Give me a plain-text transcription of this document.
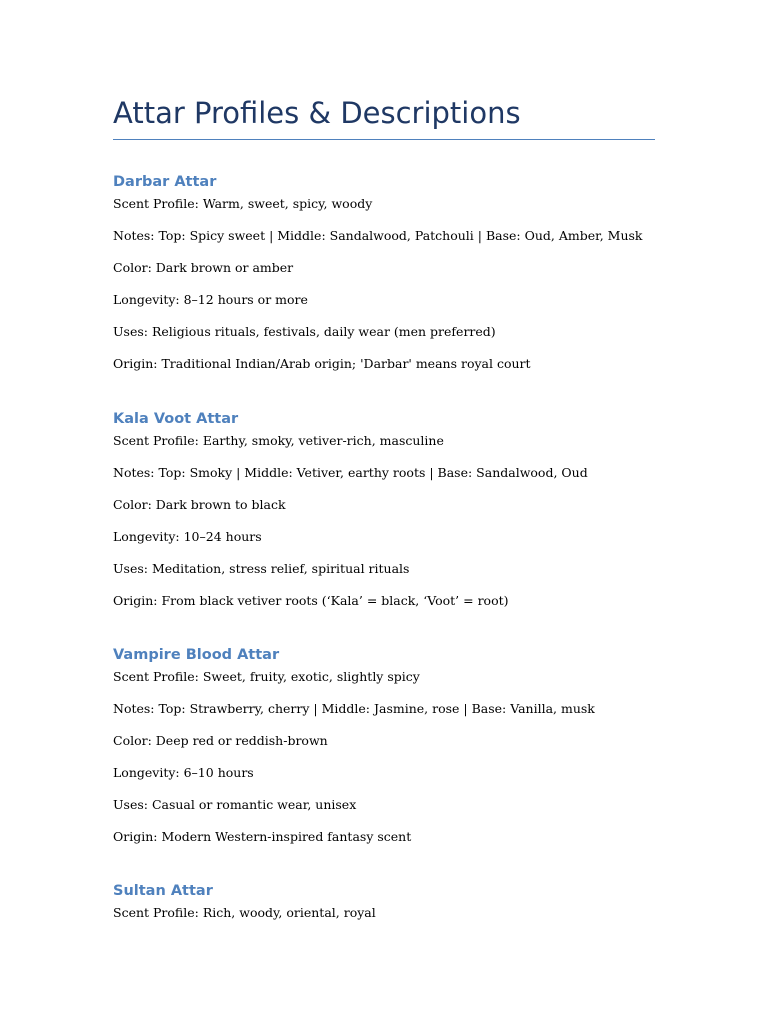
Attar Profiles & Descriptions
Darbar Attar

Scent Profile: Warm, sweet, spicy, woody

Notes: Top: Spicy sweet | Middle: Sandalwood, Patchouli | Base: Oud, Amber, Musk

Color: Dark brown or amber

Longevity: 8–12 hours or more

Uses: Religious rituals, festivals, daily wear (men preferred)

Origin: Traditional Indian/Arab origin; 'Darbar' means royal court

Kala Voot Attar

Scent Profile: Earthy, smoky, vetiver-rich, masculine

Notes: Top: Smoky | Middle: Vetiver, earthy roots | Base: Sandalwood, Oud

Color: Dark brown to black

Longevity: 10–24 hours

Uses: Meditation, stress relief, spiritual rituals

Origin: From black vetiver roots (‘Kala’ = black, ‘Voot’ = root)

Vampire Blood Attar

Scent Profile: Sweet, fruity, exotic, slightly spicy

Notes: Top: Strawberry, cherry | Middle: Jasmine, rose | Base: Vanilla, musk

Color: Deep red or reddish-brown

Longevity: 6–10 hours

Uses: Casual or romantic wear, unisex

Origin: Modern Western-inspired fantasy scent

Sultan Attar

Scent Profile: Rich, woody, oriental, royal
